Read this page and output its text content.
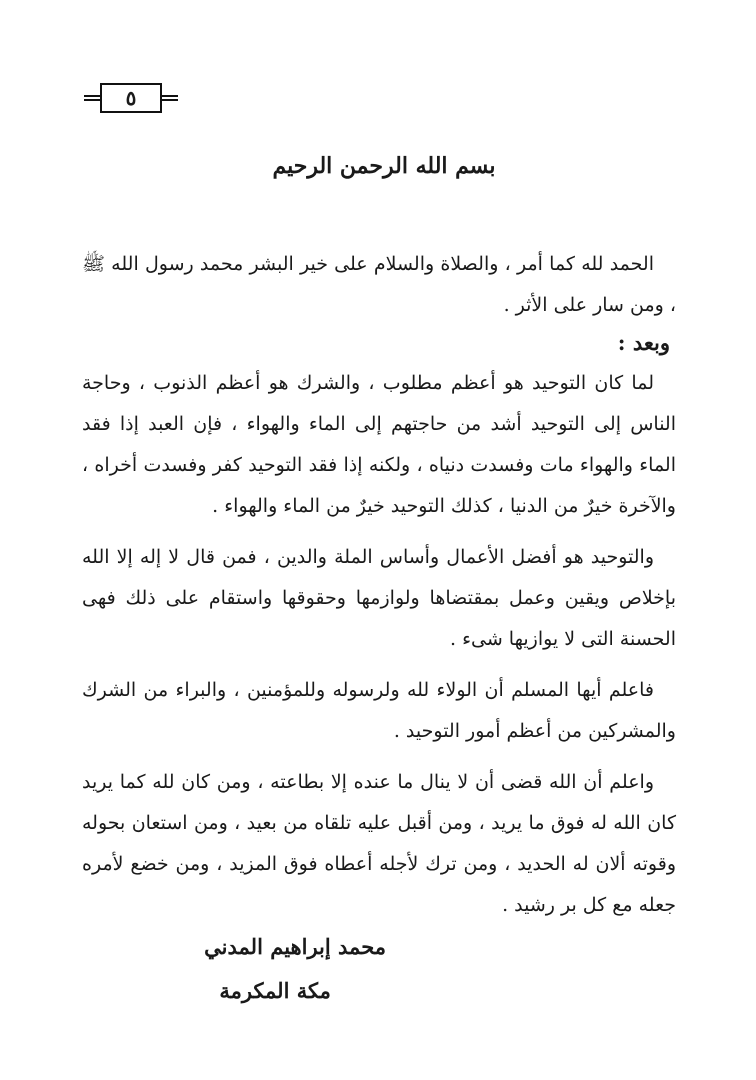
٥
بسم الله الرحمن الرحيم

الحمد لله كما أمر ، والصلاة والسلام على خير البشر محمد رسول الله ﷺ ، ومن سار على الأثر .

وبعد :

لما كان التوحيد هو أعظم مطلوب ، والشرك هو أعظم الذنوب ، وحاجة الناس إلى التوحيد أشد من حاجتهم إلى الماء والهواء ، فإن العبد إذا فقد الماء والهواء مات وفسدت دنياه ، ولكنه إذا فقد التوحيد كفر وفسدت أخراه ، والآخرة خيرٌ من الدنيا ، كذلك التوحيد خيرٌ من الماء والهواء .

والتوحيد هو أفضل الأعمال وأساس الملة والدين ، فمن قال لا إله إلا الله بإخلاص ويقين وعمل بمقتضاها ولوازمها وحقوقها واستقام على ذلك فهى الحسنة التى لا يوازيها شىء .

فاعلم أيها المسلم أن الولاء لله ولرسوله وللمؤمنين ، والبراء من الشرك والمشركين من أعظم أمور التوحيد .

واعلم أن الله قضى أن لا ينال ما عنده إلا بطاعته ، ومن كان لله كما يريد كان الله له فوق ما يريد ، ومن أقبل عليه تلقاه من بعيد ، ومن استعان بحوله وقوته ألان له الحديد ، ومن ترك لأجله أعطاه فوق المزيد ، ومن خضع لأمره جعله مع كل بر رشيد .

محمد إبراهيم المدني
مكة المكرمة
